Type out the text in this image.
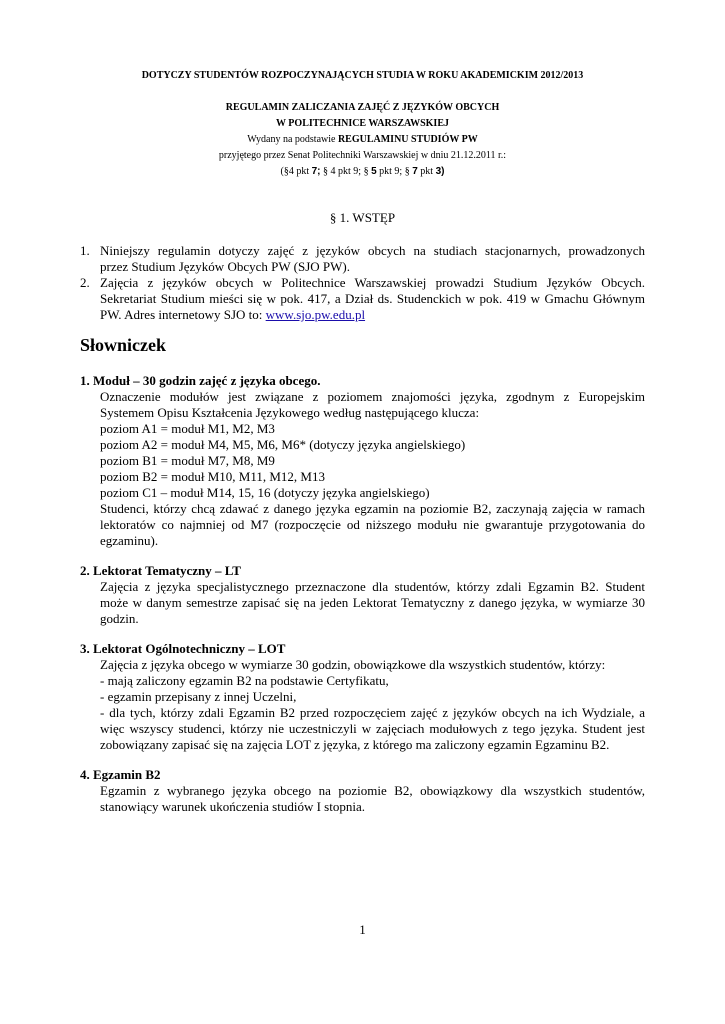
DOTYCZY STUDENTÓW ROZPOCZYNAJĄCYCH STUDIA W ROKU AKADEMICKIM 2012/2013
REGULAMIN ZALICZANIA ZAJĘĆ Z JĘZYKÓW OBCYCH
W POLITECHNICE WARSZAWSKIEJ
Wydany na podstawie REGULAMINU STUDIÓW PW
przyjętego przez Senat Politechniki Warszawskiej w dniu 21.12.2011 r.:
(§4 pkt 7; § 4 pkt 9; § 5 pkt 9; § 7 pkt 3)
§ 1. WSTĘP
1. Niniejszy regulamin dotyczy zajęć z języków obcych na studiach stacjonarnych, prowadzonych
przez Studium Języków Obcych PW (SJO PW).
2. Zajęcia z języków obcych w Politechnice Warszawskiej prowadzi Studium Języków Obcych.
Sekretariat Studium mieści się w pok. 417, a Dział ds. Studenckich w pok. 419 w Gmachu Głównym
PW. Adres internetowy SJO to: www.sjo.pw.edu.pl
Słowniczek
1. Moduł – 30 godzin zajęć z języka obcego.
Oznaczenie modułów jest związane z poziomem znajomości języka, zgodnym z Europejskim
Systemem Opisu Kształcenia Językowego według następującego klucza:
poziom A1 = moduł M1, M2, M3
poziom A2 = moduł M4, M5, M6, M6* (dotyczy języka angielskiego)
poziom B1 = moduł M7, M8, M9
poziom B2 = moduł M10, M11, M12, M13
poziom C1 – moduł M14, 15, 16 (dotyczy języka angielskiego)
Studenci, którzy chcą zdawać z danego języka egzamin na poziomie B2, zaczynają zajęcia w ramach
lektoratów co najmniej od M7 (rozpoczęcie od niższego modułu nie gwarantuje przygotowania do
egzaminu).
2. Lektorat Tematyczny – LT
Zajęcia z języka specjalistycznego przeznaczone dla studentów, którzy zdali Egzamin B2. Student
może w danym semestrze zapisać się na jeden Lektorat Tematyczny z danego języka, w wymiarze 30
godzin.
3. Lektorat Ogólnotechniczny – LOT
Zajęcia z języka obcego w wymiarze 30 godzin, obowiązkowe dla wszystkich studentów, którzy:
- mają zaliczony egzamin B2 na podstawie Certyfikatu,
- egzamin przepisany z innej Uczelni,
- dla tych, którzy zdali Egzamin B2 przed rozpoczęciem zajęć z języków obcych na ich Wydziale, a
więc wszyscy studenci, którzy nie uczestniczyli w zajęciach modułowych z tego języka. Student jest
zobowiązany zapisać się na zajęcia LOT z języka, z którego ma zaliczony egzamin Egzaminu B2.
4. Egzamin B2
Egzamin z wybranego języka obcego na poziomie B2, obowiązkowy dla wszystkich studentów,
stanowiący warunek ukończenia studiów I stopnia.
1
